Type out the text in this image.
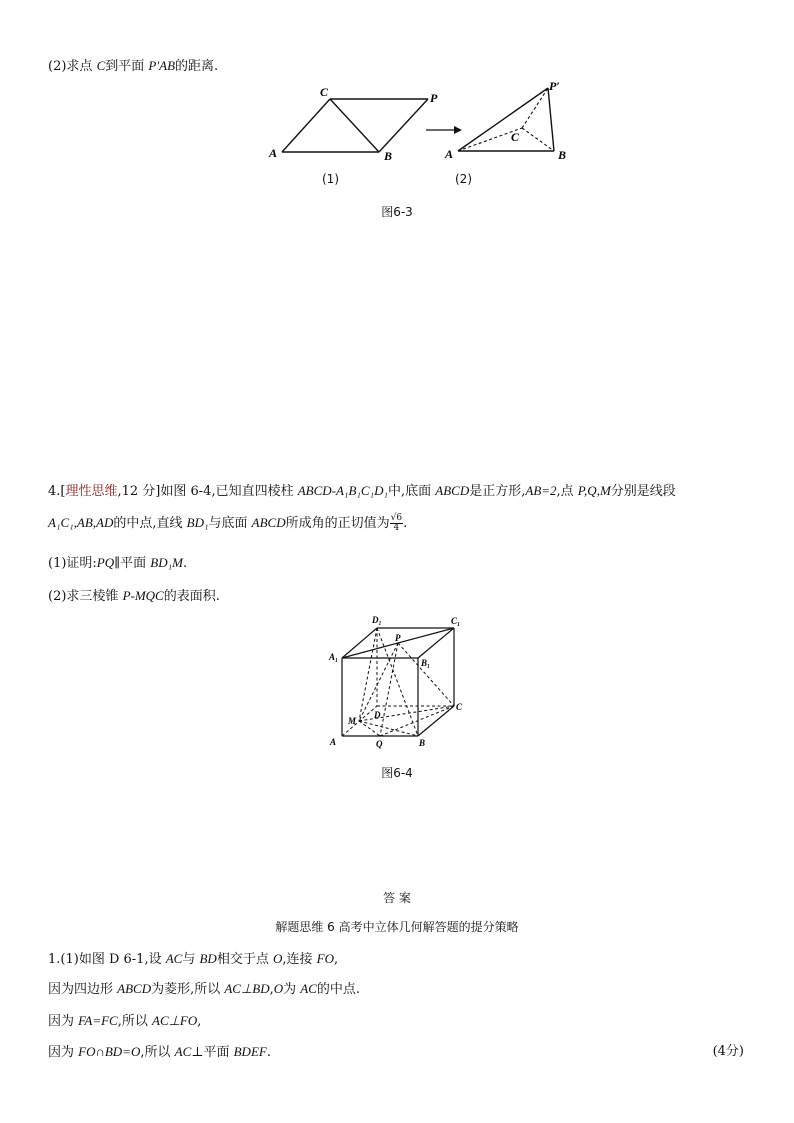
(2)求点 C到平面 P′AB的距离.
A	B
C	P
A	B
C
P′
(1)	(2)
图6-3
4.[理性思维,12 分]如图 6-4,已知直四棱柱 ABCD-A₁B₁C₁D₁中,底面 ABCD是正方形,AB=2,点 P,Q,M分别是线段
A₁C₁,AB,AD的中点,直线 BD₁与底面 ABCD所成角的正切值为 $\frac{√6}{4}$ .
(1)证明:PQ∥平面 BD₁M.
(2)求三棱锥 P-MQC的表面积.
A	B
C
D
A₁
B₁
C₁
D₁
P
Q
M
图6-4
答 案
解题思维 6 高考中立体几何解答题的提分策略
1.(1)如图 D 6-1,设 AC与 BD相交于点 O,连接 FO,
因为四边形 ABCD为菱形,所以 AC⊥BD,O为 AC的中点.
因为 FA=FC,所以 AC⊥FO,
因为 FO∩BD=O,所以 AC⊥平面 BDEF.	(4分)
